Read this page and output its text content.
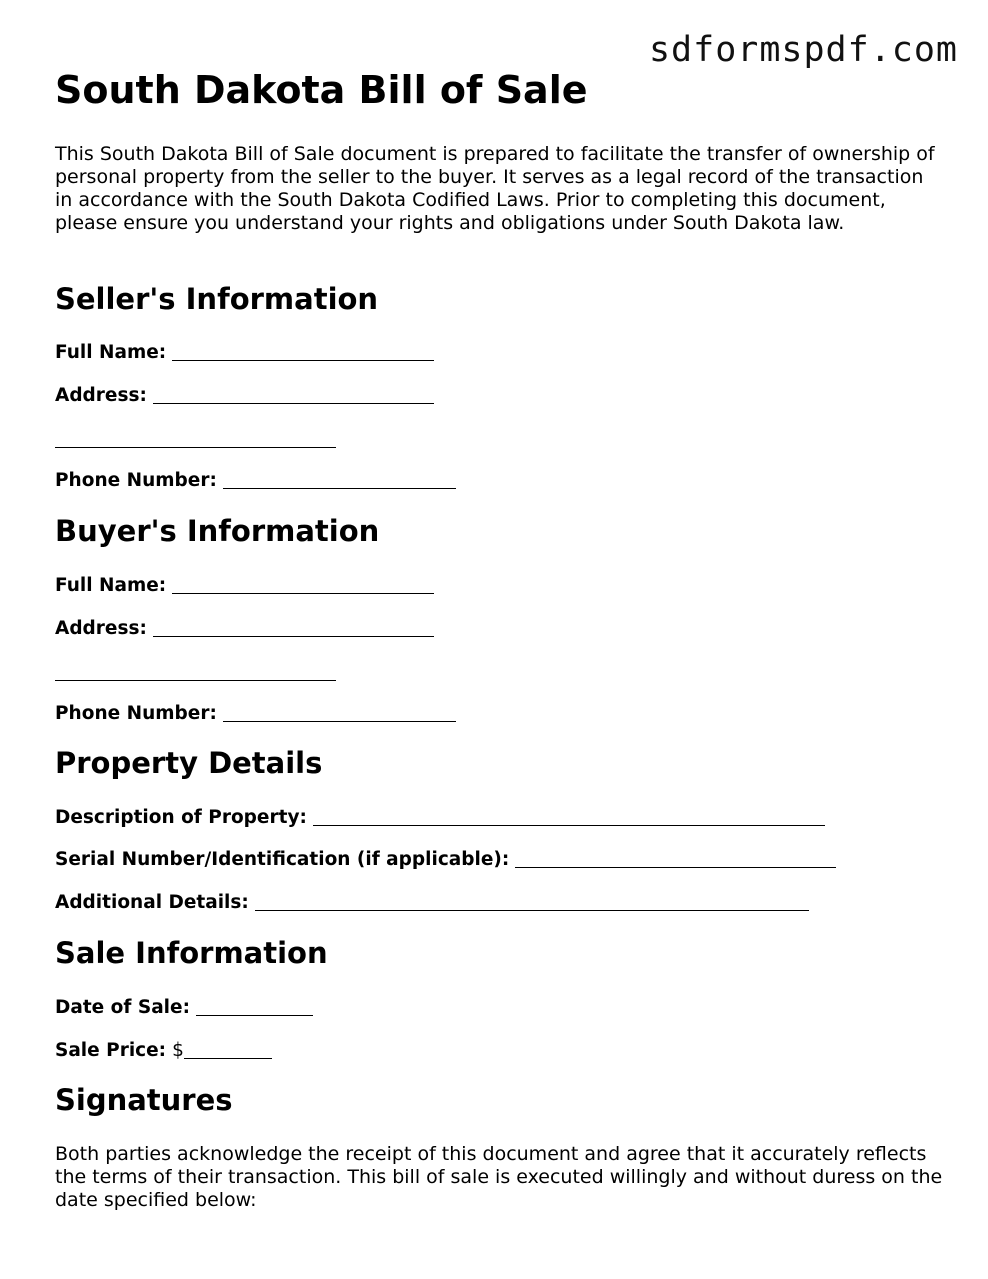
sdformspdf.com
South Dakota Bill of Sale

This South Dakota Bill of Sale document is prepared to facilitate the transfer of ownership of personal property from the seller to the buyer. It serves as a legal record of the transaction in accordance with the South Dakota Codified Laws. Prior to completing this document, please ensure you understand your rights and obligations under South Dakota law.

Seller's Information
Full Name:
Address:
Phone Number:
Buyer's Information
Full Name:
Address:
Phone Number:
Property Details
Description of Property:
Serial Number/Identification (if applicable):
Additional Details:
Sale Information
Date of Sale:
Sale Price: $
Signatures

Both parties acknowledge the receipt of this document and agree that it accurately reflects the terms of their transaction. This bill of sale is executed willingly and without duress on the date specified below:
